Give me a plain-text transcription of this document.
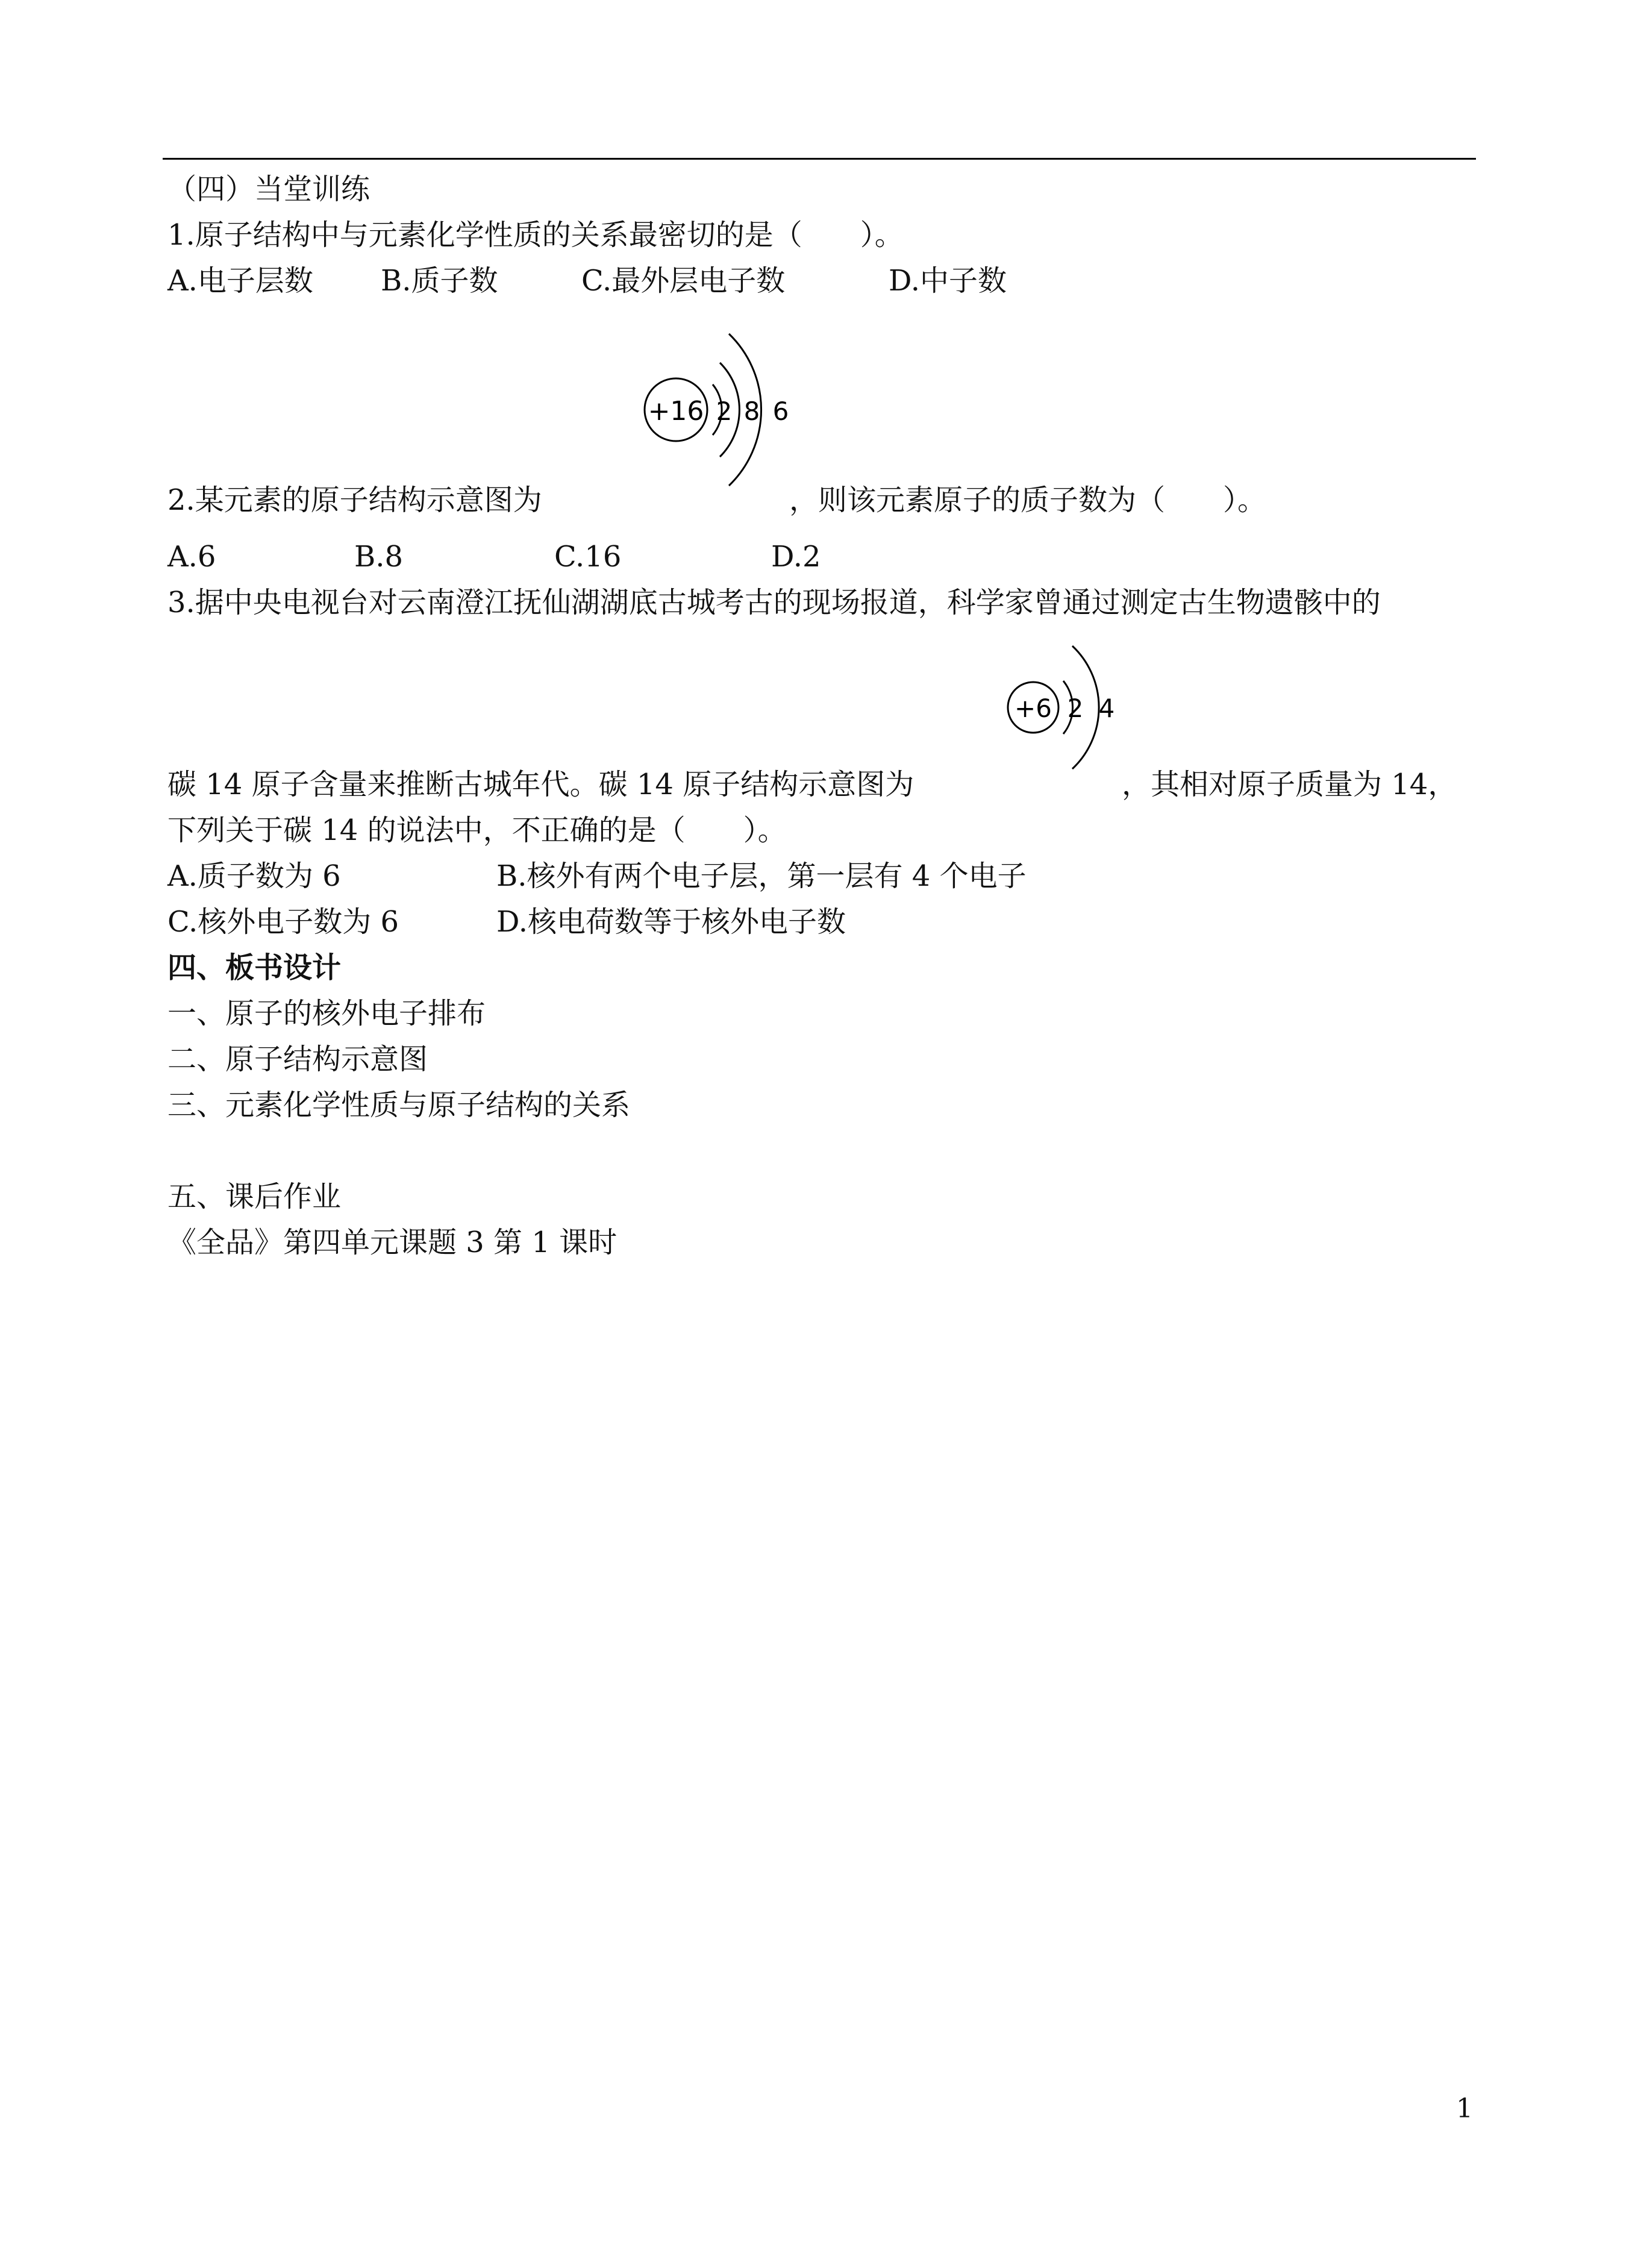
（四）当堂训练
1.原子结构中与元素化学性质的关系最密切的是（　　）。
A.电子层数 B.质子数	C.最外层电子数	D.中子数
+16 2 8 6
2.某元素的原子结构示意图为	，则该元素原子的质子数为（　　）。
A.6	B.8	C.16	D.2
3.据中央电视台对云南澄江抚仙湖湖底古城考古的现场报道，科学家曾通过测定古生物遗骸中的
+6 2 4
碳 14 原子含量来推断古城年代。碳 14 原子结构示意图为	，其相对原子质量为 14，
下列关于碳 14 的说法中，不正确的是（　　）。
A.质子数为 6	B.核外有两个电子层，第一层有 4 个电子
C.核外电子数为 6	D.核电荷数等于核外电子数
四、板书设计
一、原子的核外电子排布
二、原子结构示意图
三、元素化学性质与原子结构的关系
五、课后作业
《全品》第四单元课题 3 第 1 课时
1
